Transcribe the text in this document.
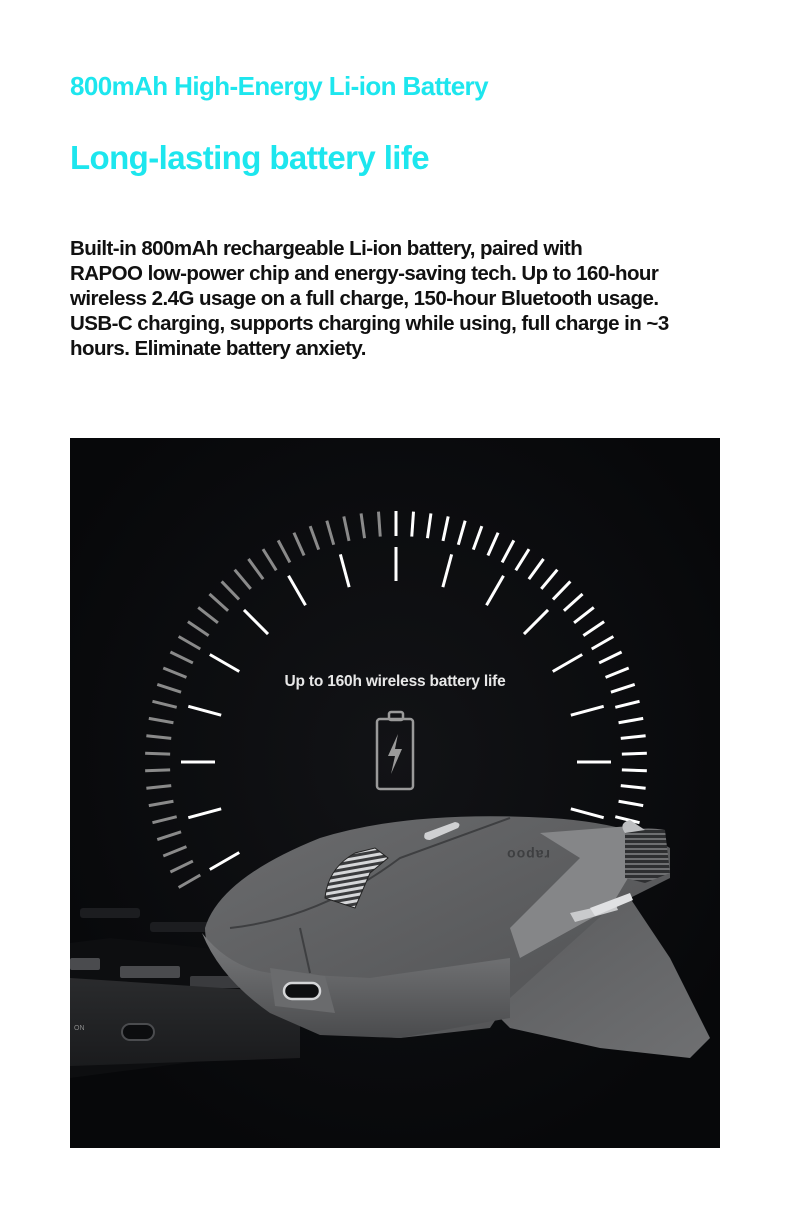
800mAh High-Energy Li-ion Battery
Long-lasting battery life
Built-in 800mAh rechargeable Li-ion battery, paired with
RAPOO low-power chip and energy-saving tech. Up to 160-hour
wireless 2.4G usage on a full charge, 150-hour Bluetooth usage.
USB-C charging, supports charging while using, full charge in ~3
hours. Eliminate battery anxiety.
ON
rapoo
Up to 160h wireless battery life
